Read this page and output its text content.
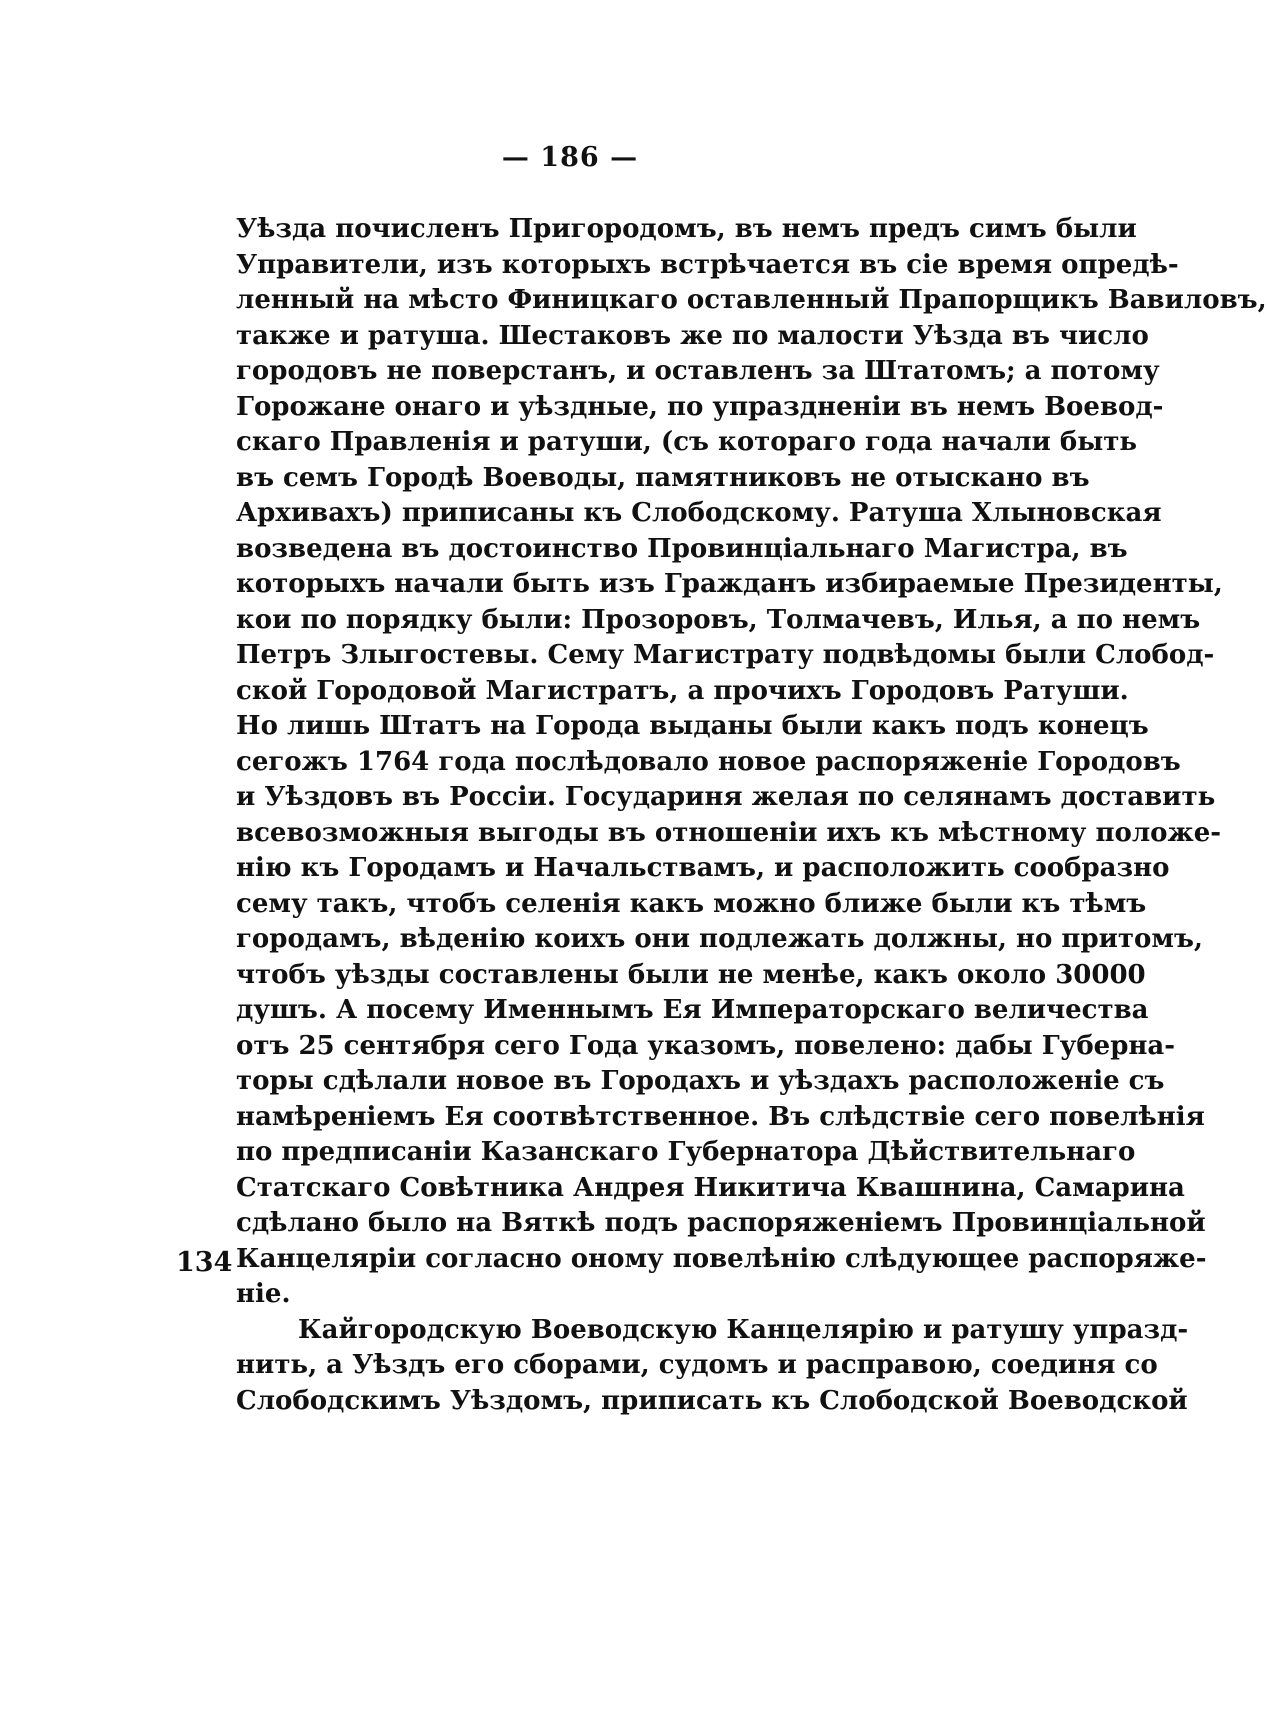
— 186 —
134
Уѣзда почисленъ Пригородомъ, въ немъ предъ симъ были
Управители, изъ которыхъ встрѣчается въ сіе время опредѣ-
ленный на мѣсто Финицкаго оставленный Прапорщикъ Вавиловъ,
также и ратуша. Шестаковъ же по малости Уѣзда въ число
городовъ не поверстанъ, и оставленъ за Штатомъ; а потому
Горожане онаго и уѣздные, по упраздненіи въ немъ Воевод-
скаго Правленія и ратуши, (съ котораго года начали быть
въ семъ Городѣ Воеводы, памятниковъ не отыскано въ
Архивахъ) приписаны къ Слободскому. Ратуша Хлыновская
возведена въ достоинство Провинціальнаго Магистра, въ
которыхъ начали быть изъ Гражданъ избираемые Президенты,
кои по порядку были: Прозоровъ, Толмачевъ, Илья, а по немъ
Петръ Злыгостевы. Сему Магистрату подвѣдомы были Слобод-
ской Городовой Магистратъ, а прочихъ Городовъ Ратуши.
Но лишь Штатъ на Города выданы были какъ подъ конецъ
сегожъ 1764 года послѣдовало новое распоряженіе Городовъ
и Уѣздовъ въ Россіи. Государиня желая по селянамъ доставить
всевозможныя выгоды въ отношеніи ихъ къ мѣстному положе-
нію къ Городамъ и Начальствамъ, и расположить сообразно
сему такъ, чтобъ селенія какъ можно ближе были къ тѣмъ
городамъ, вѣденію коихъ они подлежать должны, но притомъ,
чтобъ уѣзды составлены были не менѣе, какъ около 30000
душъ. А посему Именнымъ Ея Императорскаго величества
отъ 25 сентября сего Года указомъ, повелено: дабы Губерна-
торы сдѣлали новое въ Городахъ и уѣздахъ расположеніе съ
намѣреніемъ Ея соотвѣтственное. Въ слѣдствіе сего повелѣнія
по предписаніи Казанскаго Губернатора Дѣйствительнаго
Статскаго Совѣтника Андрея Никитича Квашнина, Самарина
сдѣлано было на Вяткѣ подъ распоряженіемъ Провинціальной
Канцеляріи согласно оному повелѣнію слѣдующее распоряже-
ніе.
Кайгородскую Воеводскую Канцелярію и ратушу упразд-
нить, а Уѣздъ его сборами, судомъ и расправою, соединя со
Слободскимъ Уѣздомъ, приписать къ Слободской Воеводской
